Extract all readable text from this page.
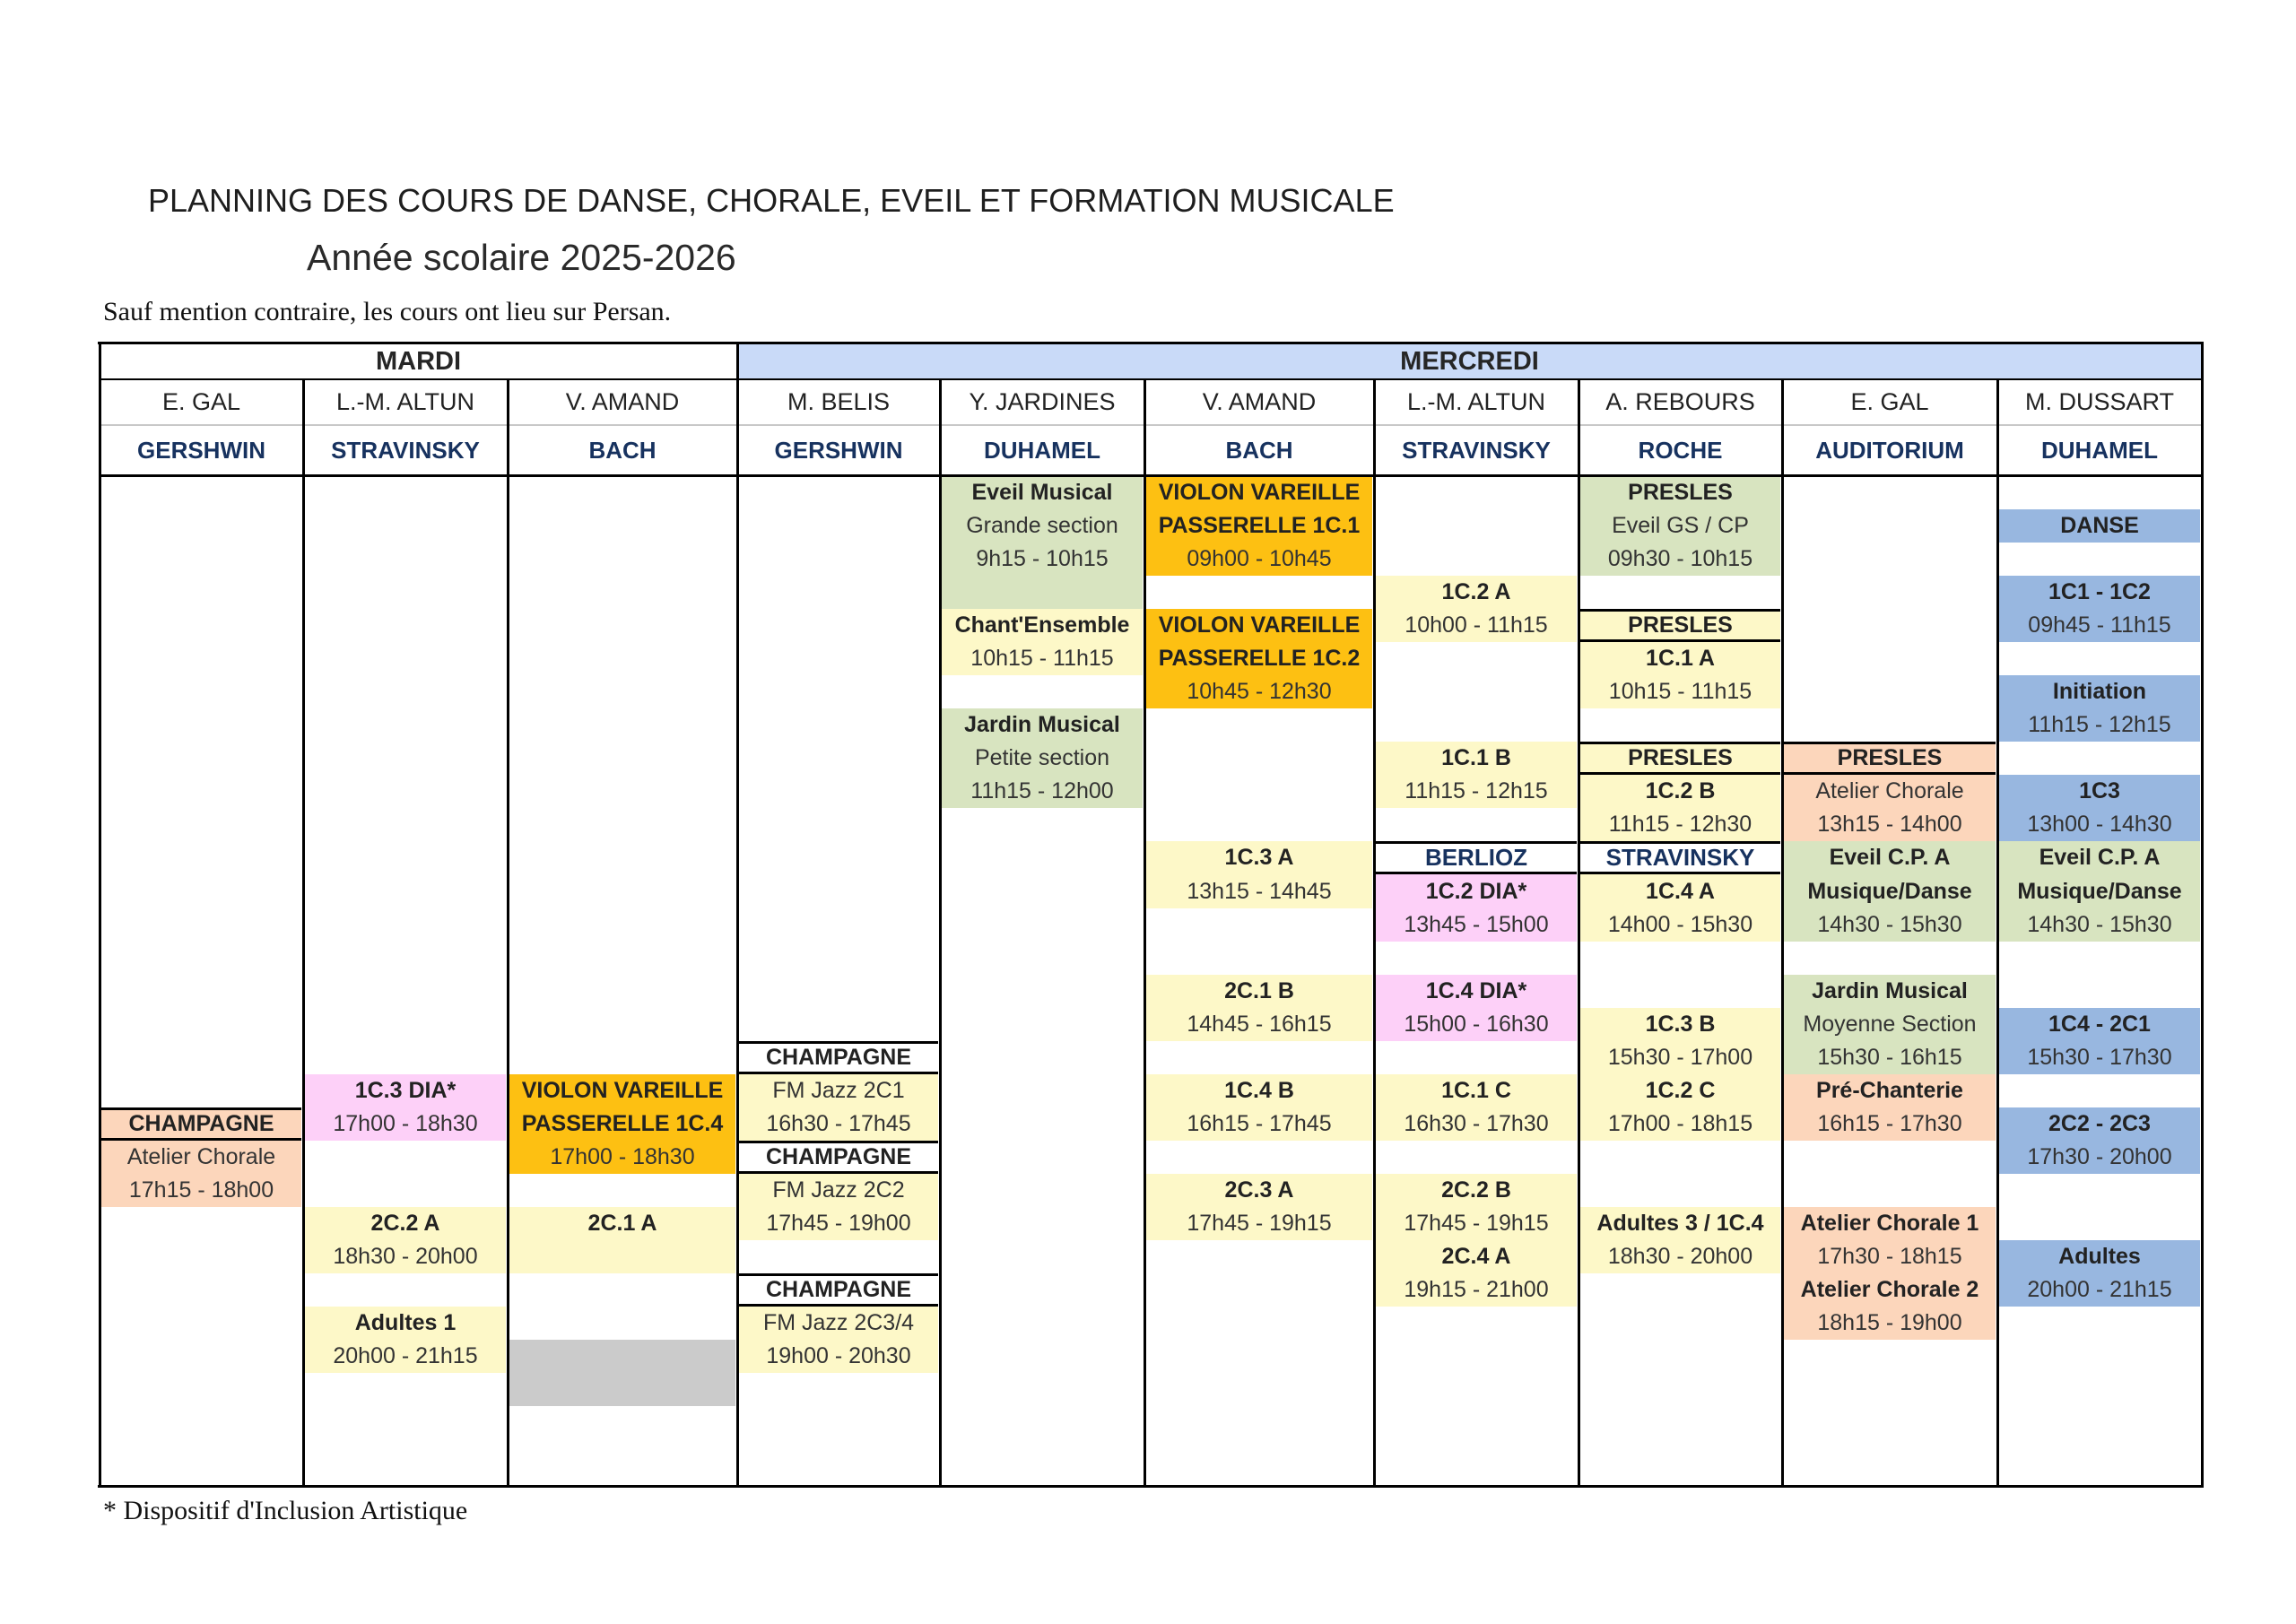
PLANNING DES COURS DE DANSE, CHORALE, EVEIL ET FORMATION MUSICALE
Année scolaire 2025-2026
Sauf mention contraire, les cours ont lieu sur Persan.
MARDI	MERCREDI
E. GAL
GERSHWIN
L.-M. ALTUN
STRAVINSKY
V. AMAND
BACH
M. BELIS
GERSHWIN
Y. JARDINES
DUHAMEL
V. AMAND
BACH
L.-M. ALTUN
STRAVINSKY
A. REBOURS
ROCHE
E. GAL
AUDITORIUM
M. DUSSART
DUHAMEL
CHAMPAGNE
Atelier Chorale
17h15 - 18h00
1C.3 DIA*
17h00 - 18h30
2C.2 A
18h30 - 20h00
Adultes 1
20h00 - 21h15
VIOLON VAREILLE
PASSERELLE 1C.4
17h00 - 18h30
2C.1 A
CHAMPAGNE
FM Jazz 2C1
16h30 - 17h45
CHAMPAGNE
FM Jazz 2C2
17h45 - 19h00
CHAMPAGNE
FM Jazz 2C3/4
19h00 - 20h30
Eveil Musical
Grande section
9h15 - 10h15
Chant'Ensemble
10h15 - 11h15
Jardin Musical
Petite section
11h15 - 12h00
VIOLON VAREILLE
PASSERELLE 1C.1
09h00 - 10h45
VIOLON VAREILLE
PASSERELLE 1C.2
10h45 - 12h30
1C.3 A
13h15 - 14h45
2C.1 B
14h45 - 16h15
1C.4 B
16h15 - 17h45
2C.3 A
17h45 - 19h15
1C.2 A
10h00 - 11h15
1C.1 B
11h15 - 12h15
BERLIOZ
1C.2 DIA*
13h45 - 15h00
1C.4 DIA*
15h00 - 16h30
1C.1 C
16h30 - 17h30
2C.2 B
17h45 - 19h15
2C.4 A
19h15 - 21h00
PRESLES
Eveil GS / CP
09h30 - 10h15
PRESLES
1C.1 A
10h15 - 11h15
PRESLES
1C.2 B
11h15 - 12h30
STRAVINSKY
1C.4 A
14h00 - 15h30
1C.3 B
15h30 - 17h00
1C.2 C
17h00 - 18h15
Adultes 3 / 1C.4
18h30 - 20h00
PRESLES
Atelier Chorale
13h15 - 14h00
Eveil C.P. A
Musique/Danse
14h30 - 15h30
Jardin Musical
Moyenne Section
15h30 - 16h15
Pré-Chanterie
16h15 - 17h30
Atelier Chorale 1
17h30 - 18h15
Atelier Chorale 2
18h15 - 19h00
DANSE
1C1 - 1C2
09h45 - 11h15
Initiation
11h15 - 12h15
1C3
13h00 - 14h30
Eveil C.P. A
Musique/Danse
14h30 - 15h30
1C4 - 2C1
15h30 - 17h30
2C2 - 2C3
17h30 - 20h00
Adultes
20h00 - 21h15
* Dispositif d'Inclusion Artistique
